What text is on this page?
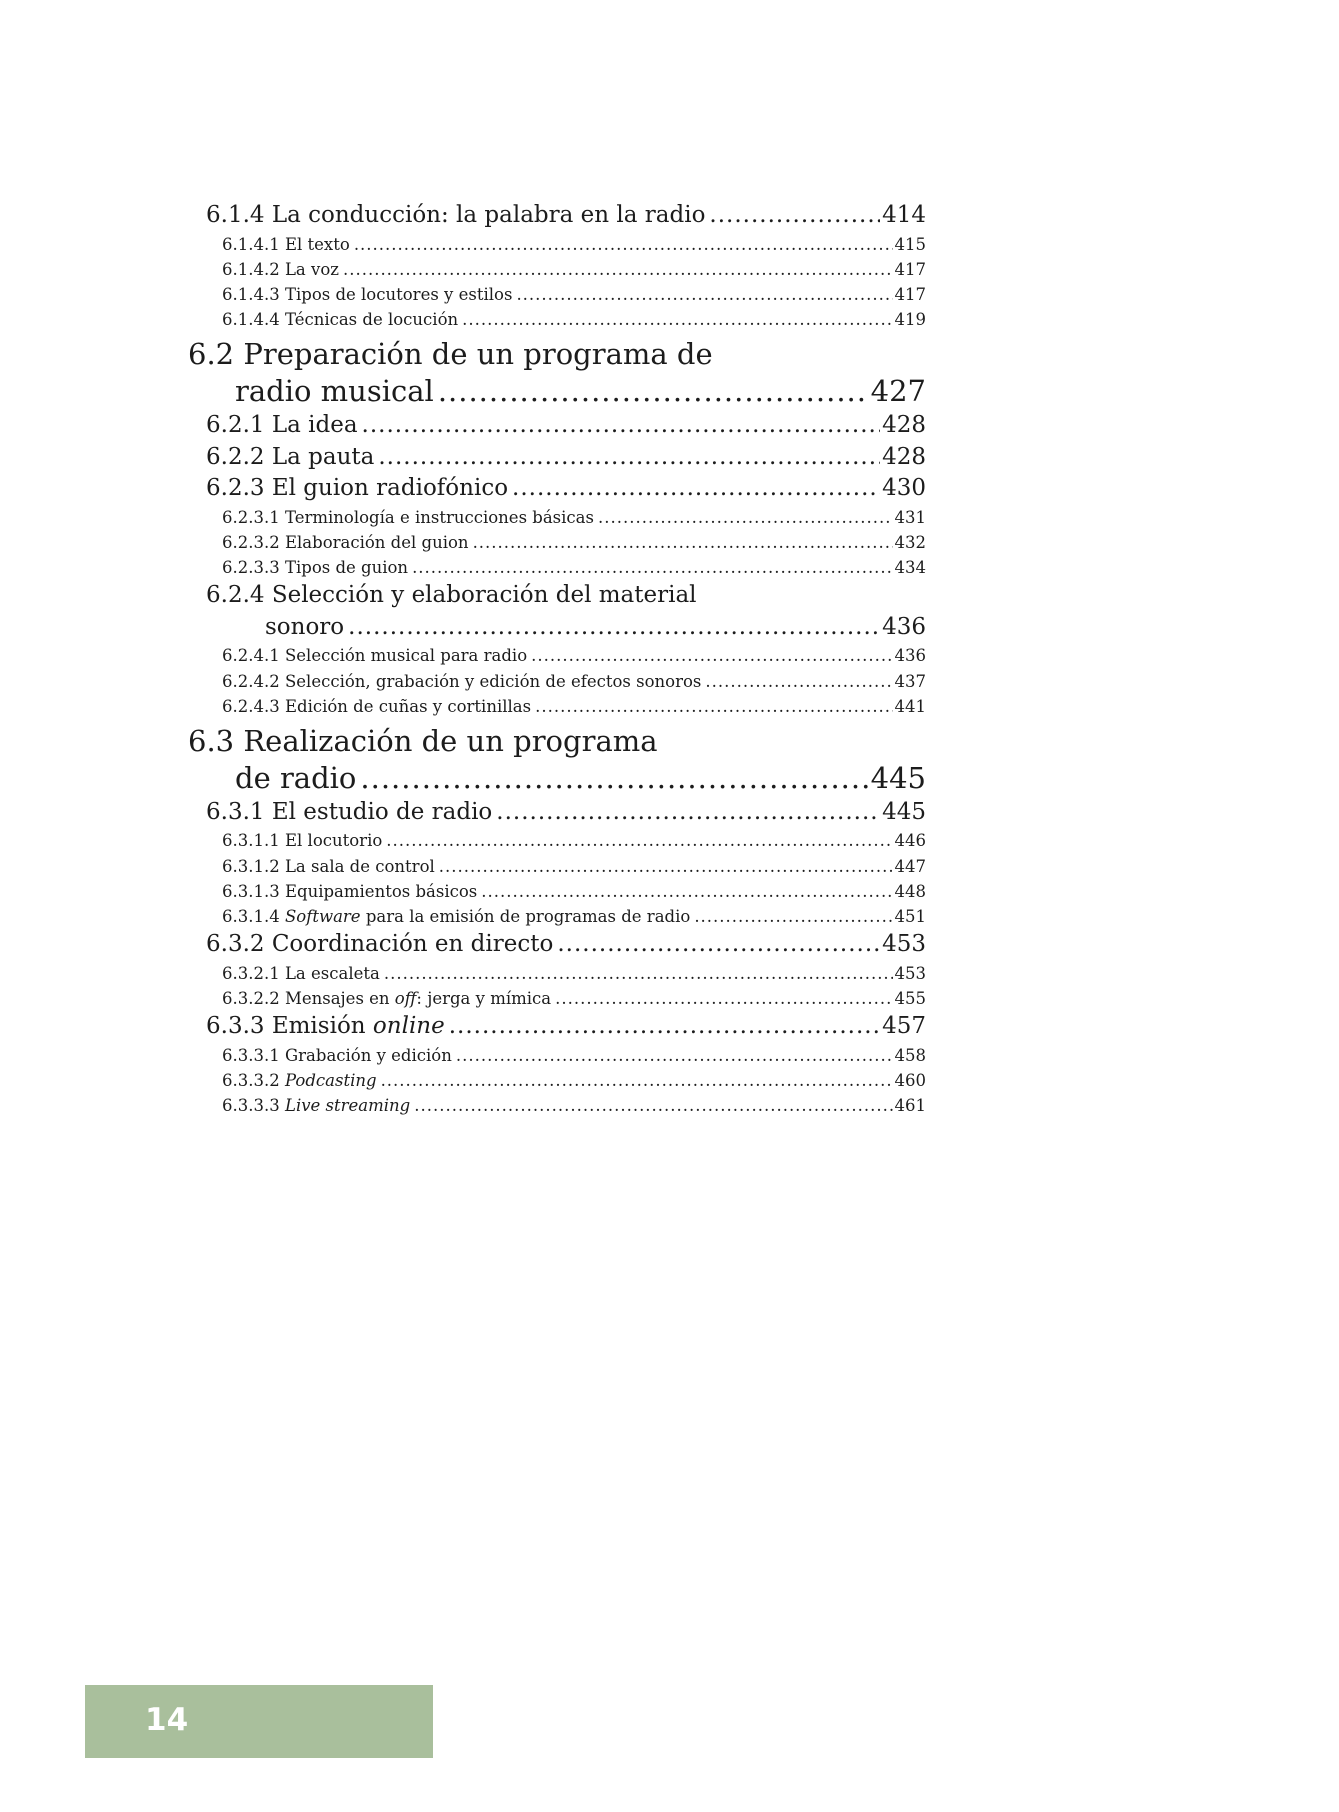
6.1.4 La conducción: la palabra en la radio .....	414
6.1.4.1 El texto .....	415
6.1.4.2 La voz .....	417
6.1.4.3 Tipos de locutores y estilos .....	417
6.1.4.4 Técnicas de locución .....	419
6.2 Preparación de un programa de
radio musical .....	427
6.2.1 La idea .....	428
6.2.2 La pauta .....	428
6.2.3 El guion radiofónico .....	430
6.2.3.1 Terminología e instrucciones básicas .....	431
6.2.3.2 Elaboración del guion .....	432
6.2.3.3 Tipos de guion .....	434
6.2.4 Selección y elaboración del material
sonoro .....	436
6.2.4.1 Selección musical para radio .....	436
6.2.4.2 Selección, grabación y edición de efectos sonoros .....	437
6.2.4.3 Edición de cuñas y cortinillas .....	441
6.3 Realización de un programa
de radio .....	445
6.3.1 El estudio de radio .....	445
6.3.1.1 El locutorio .....	446
6.3.1.2 La sala de control .....	447
6.3.1.3 Equipamientos básicos .....	448
6.3.1.4 Software para la emisión de programas de radio .....	451
6.3.2 Coordinación en directo .....	453
6.3.2.1 La escaleta .....	453
6.3.2.2 Mensajes en off: jerga y mímica .....	455
6.3.3 Emisión online .....	457
6.3.3.1 Grabación y edición .....	458
6.3.3.2 Podcasting .....	460
6.3.3.3 Live streaming .....	461
14
